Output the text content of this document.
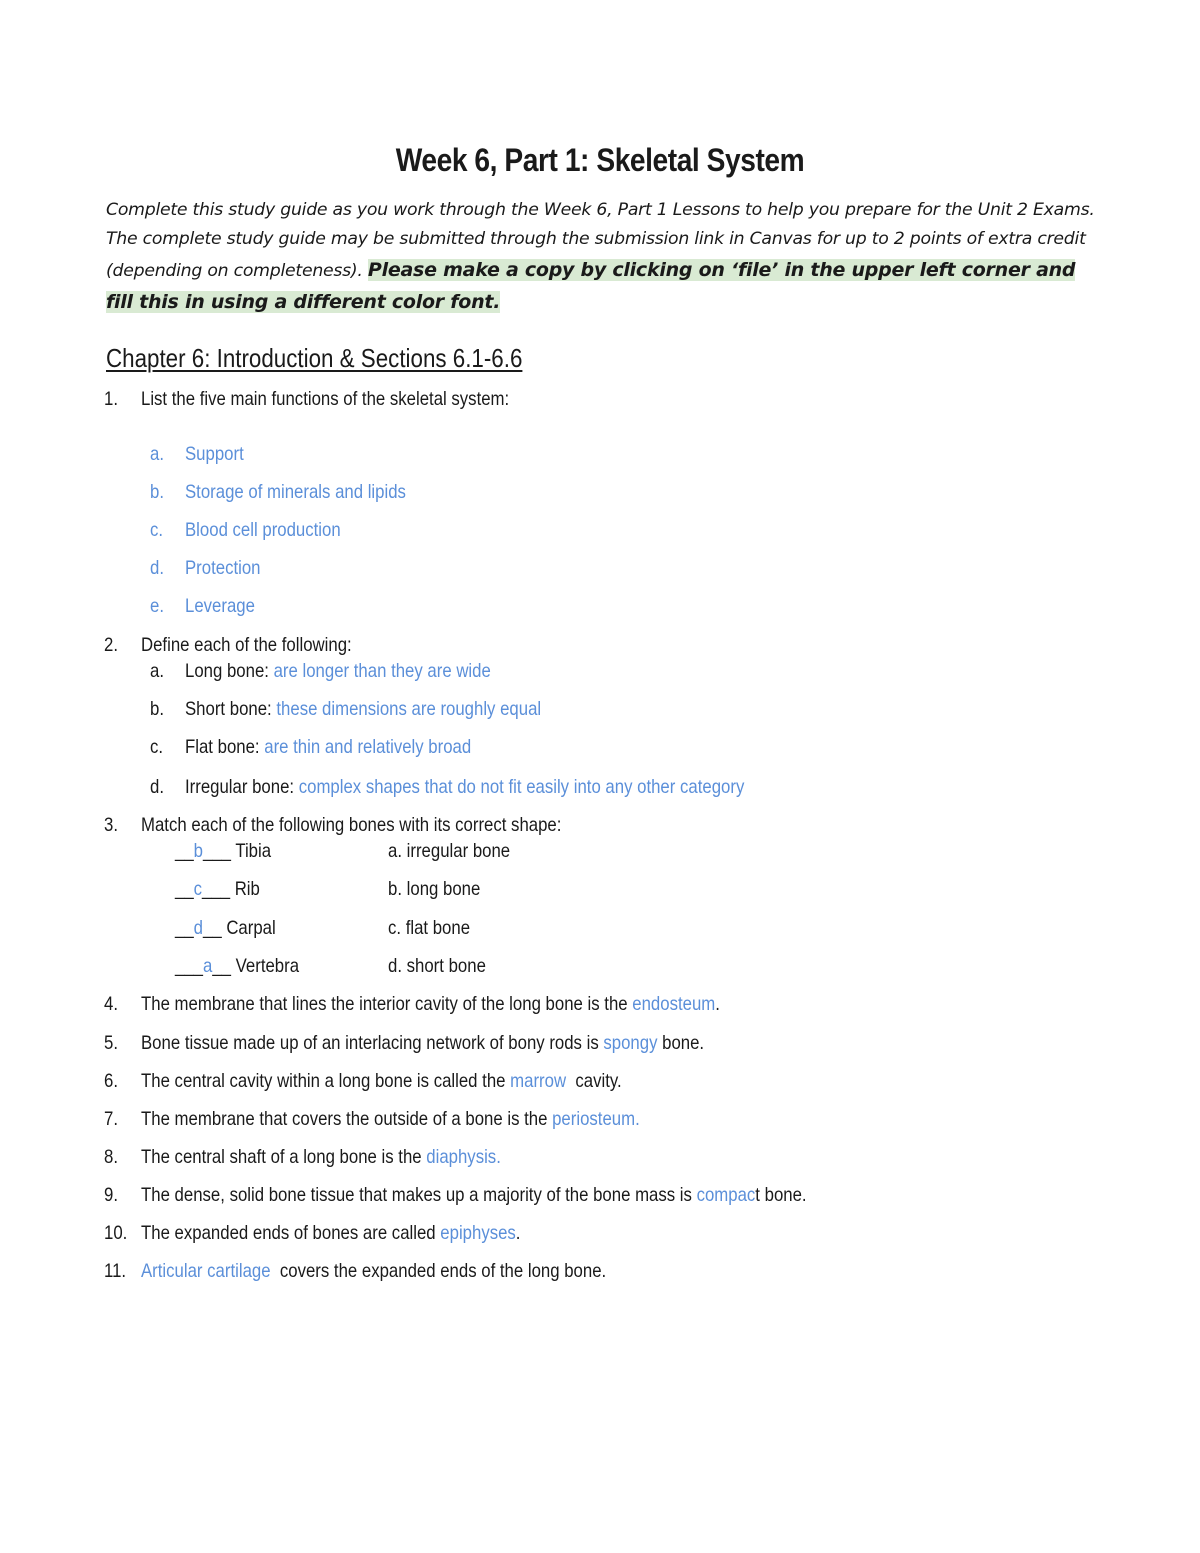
Week 6, Part 1: Skeletal System
Complete this study guide as you work through the Week 6, Part 1 Lessons to help you prepare for the Unit 2 Exams. The complete study guide may be submitted through the submission link in Canvas for up to 2 points of extra credit (depending on completeness). Please make a copy by clicking on ‘file’ in the upper left corner and fill this in using a different color font.
Chapter 6: Introduction & Sections 6.1-6.6
1. List the five main functions of the skeletal system:
a. Support
b. Storage of minerals and lipids
c. Blood cell production
d. Protection
e. Leverage
2. Define each of the following:
a. Long bone: are longer than they are wide
b. Short bone: these dimensions are roughly equal
c. Flat bone: are thin and relatively broad
d. Irregular bone: complex shapes that do not fit easily into any other category
3. Match each of the following bones with its correct shape:
__b___ Tibia	a. irregular bone
__c___ Rib	b. long bone
__d__ Carpal	c. flat bone
___a__ Vertebra	d. short bone
4. The membrane that lines the interior cavity of the long bone is the endosteum.
5. Bone tissue made up of an interlacing network of bony rods is spongy bone.
6. The central cavity within a long bone is called the marrow  cavity.
7. The membrane that covers the outside of a bone is the periosteum.
8. The central shaft of a long bone is the diaphysis.
9. The dense, solid bone tissue that makes up a majority of the bone mass is compact bone.
10. The expanded ends of bones are called epiphyses.
11. Articular cartilage  covers the expanded ends of the long bone.
